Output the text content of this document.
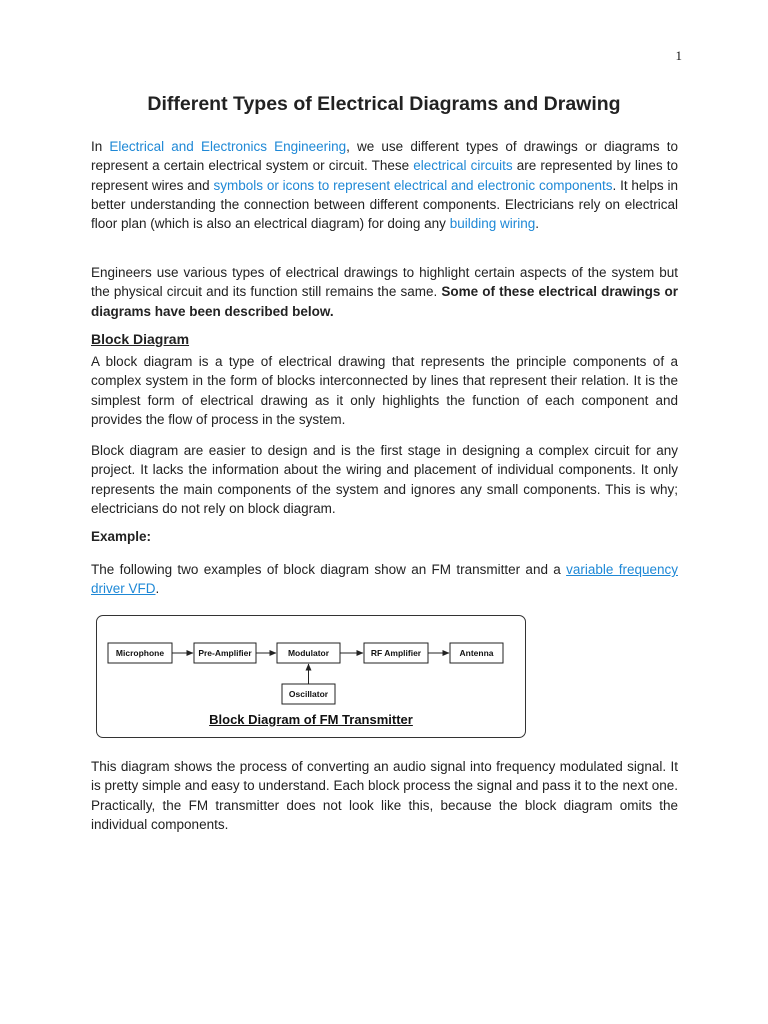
1
Different Types of Electrical Diagrams and Drawing

In Electrical and Electronics Engineering, we use different types of drawings or diagrams to represent a certain electrical system or circuit. These electrical circuits are represented by lines to represent wires and symbols or icons to represent electrical and electronic components. It helps in better understanding the connection between different components. Electricians rely on electrical floor plan (which is also an electrical diagram) for doing any building wiring.

Engineers use various types of electrical drawings to highlight certain aspects of the system but the physical circuit and its function still remains the same. Some of these electrical drawings or diagrams have been described below.

Block Diagram

A block diagram is a type of electrical drawing that represents the principle components of a complex system in the form of blocks interconnected by lines that represent their relation. It is the simplest form of electrical drawing as it only highlights the function of each component and provides the flow of process in the system.

Block diagram are easier to design and is the first stage in designing a complex circuit for any project. It lacks the information about the wiring and placement of individual components. It only represents the main components of the system and ignores any small components. This is why; electricians do not rely on block diagram.

Example:

The following two examples of block diagram show an FM transmitter and a variable frequency driver VFD.

Microphone	Pre-Amplifier	Modulator	RF Amplifier	Antenna
Oscillator
Block Diagram of FM Transmitter

This diagram shows the process of converting an audio signal into frequency modulated signal. It is pretty simple and easy to understand. Each block process the signal and pass it to the next one. Practically, the FM transmitter does not look like this, because the block diagram omits the individual components.
